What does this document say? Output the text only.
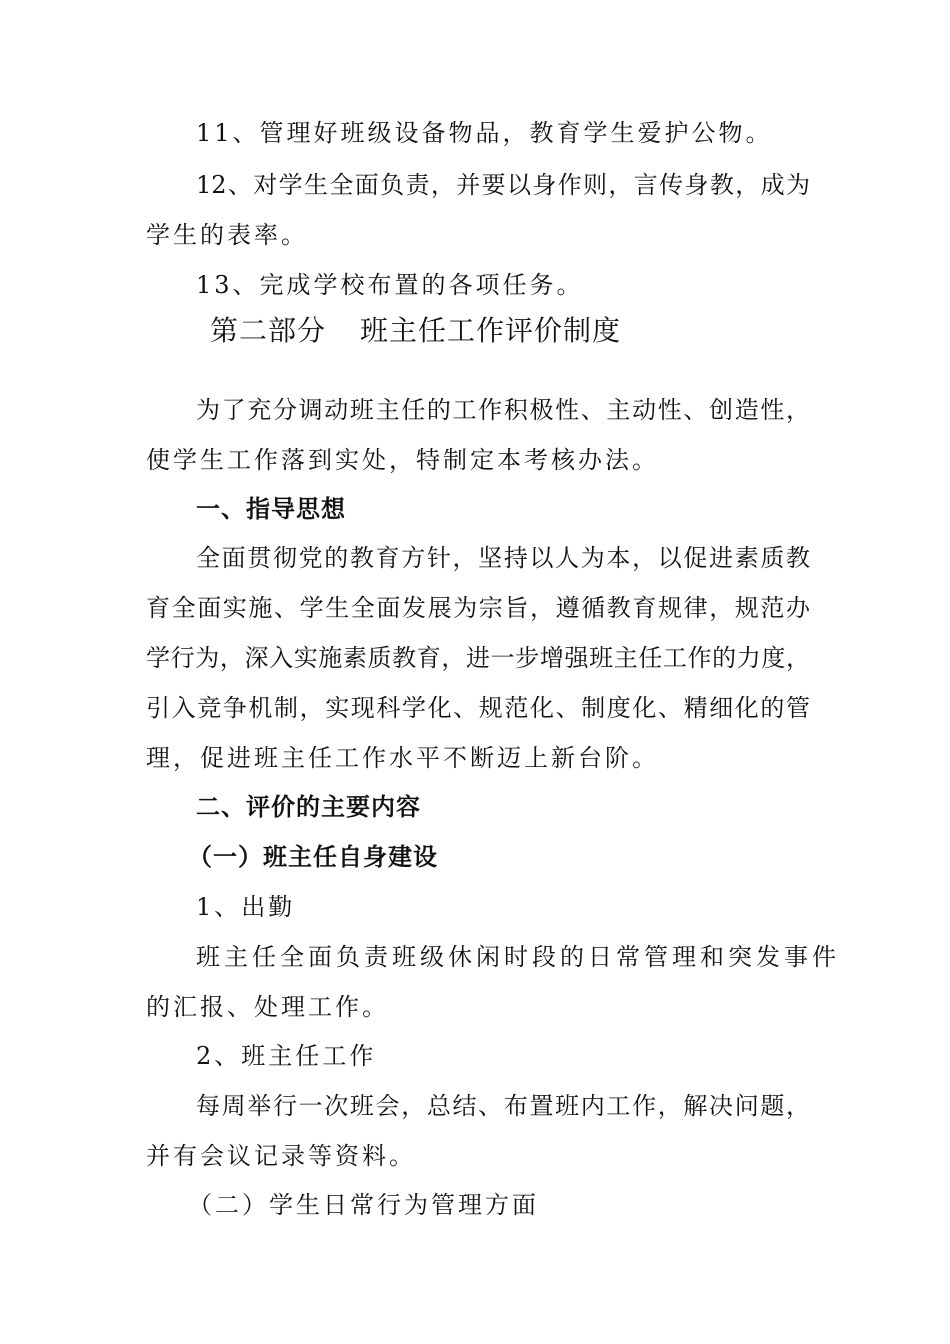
11、管理好班级设备物品，教育学生爱护公物。
12、对学生全面负责，并要以身作则，言传身教，成为
学生的表率。
13、完成学校布置的各项任务。
第二部分 班主任工作评价制度
为了充分调动班主任的工作积极性、主动性、创造性，
使学生工作落到实处，特制定本考核办法。
一、指导思想
全面贯彻党的教育方针，坚持以人为本，以促进素质教
育全面实施、学生全面发展为宗旨，遵循教育规律，规范办
学行为，深入实施素质教育，进一步增强班主任工作的力度，
引入竞争机制，实现科学化、规范化、制度化、精细化的管
理，促进班主任工作水平不断迈上新台阶。
二、评价的主要内容
（一）班主任自身建设
1、出勤
班主任全面负责班级休闲时段的日常管理和突发事件
的汇报、处理工作。
2、班主任工作
每周举行一次班会，总结、布置班内工作，解决问题，
并有会议记录等资料。
（二）学生日常行为管理方面
